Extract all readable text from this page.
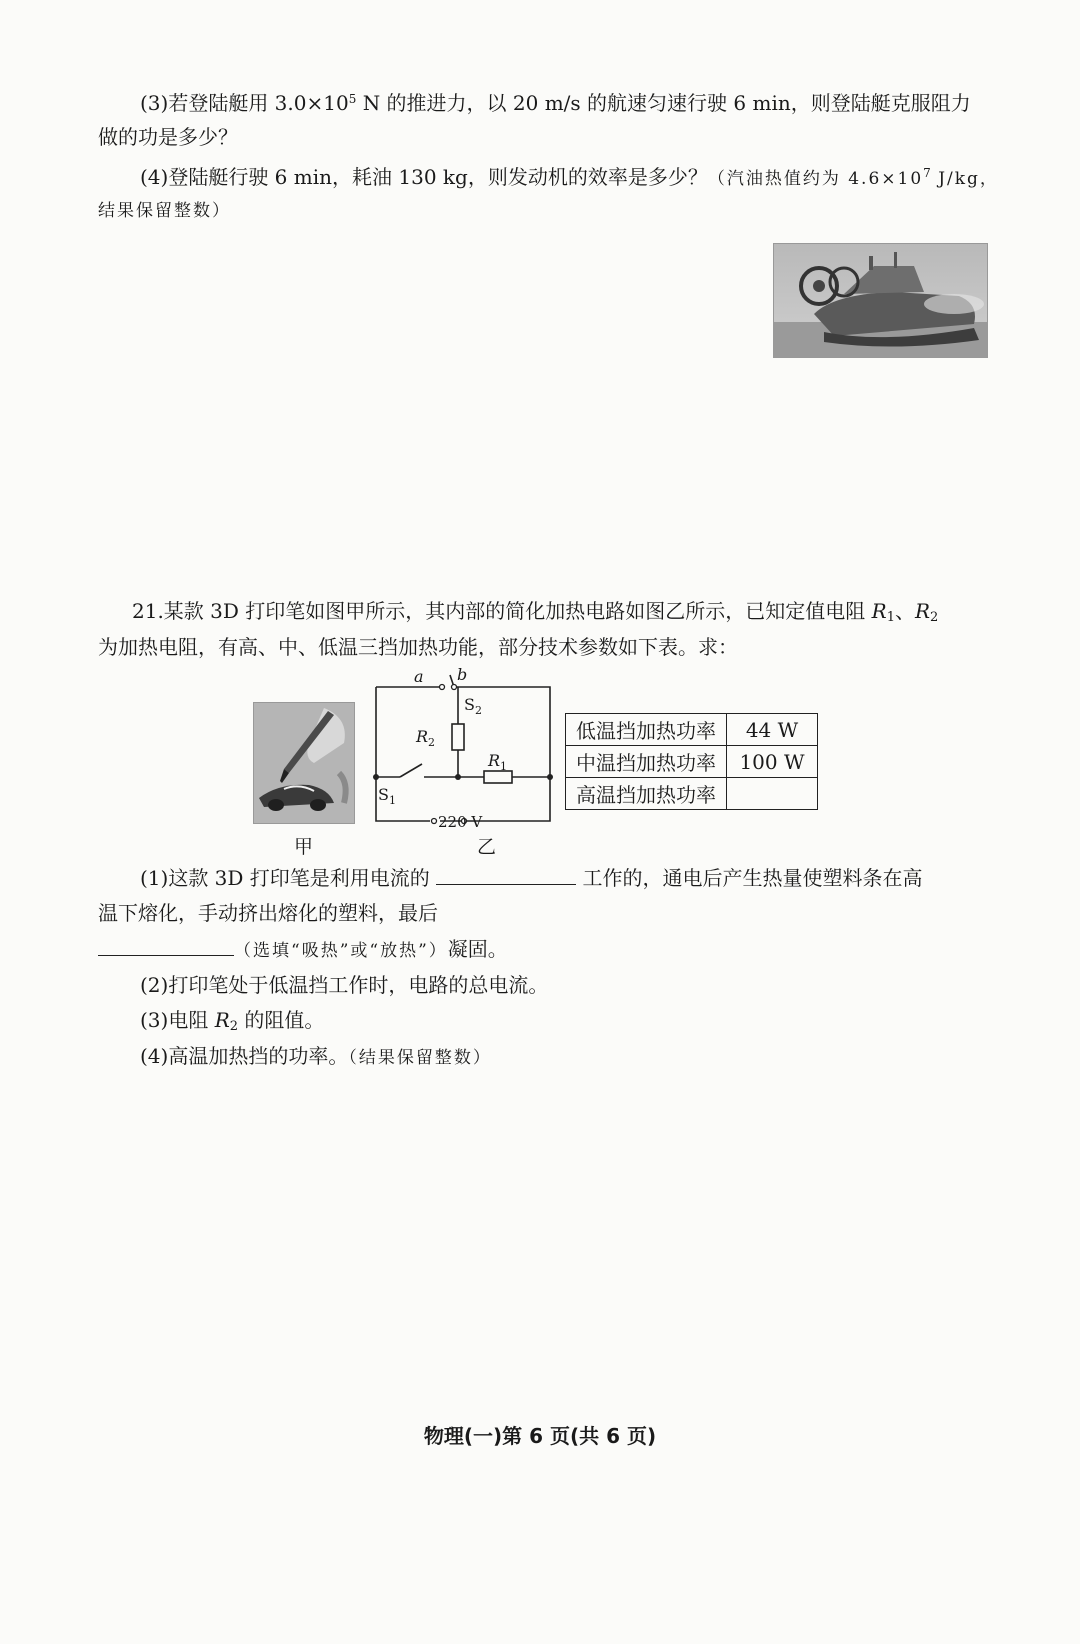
(3)若登陆艇用 $3.0\times 10^5$ N 的推进力，以 20 m/s 的航速匀速行驶 6 min，则登陆艇克服阻力
做的功是多少？
(4)登陆艇行驶 6 min，耗油 130 kg，则发动机的效率是多少？（汽油热值约为 $4.6\times 10^7$ J/kg，
结果保留整数）
21.某款 3D 打印笔如图甲所示，其内部的简化加热电路如图乙所示，已知定值电阻 $R_1$、$R_2$
为加热电阻，有高、中、低温三挡加热功能，部分技术参数如下表。求：
甲
a b
$S_2$
$R_2$
$R_1$
$S_1$
220 V
乙
低温挡加热功率	44 W
中温挡加热功率	100 W
高温挡加热功率	
(1)这款 3D 打印笔是利用电流的	工作的，通电后产生热量使塑料条在高
温下熔化，手动挤出熔化的塑料，最后
（选填“吸热”或“放热”）凝固。
(2)打印笔处于低温挡工作时，电路的总电流。
(3)电阻 $R_2$ 的阻值。
(4)高温加热挡的功率。（结果保留整数）
物理(一)第 6 页(共 6 页)
